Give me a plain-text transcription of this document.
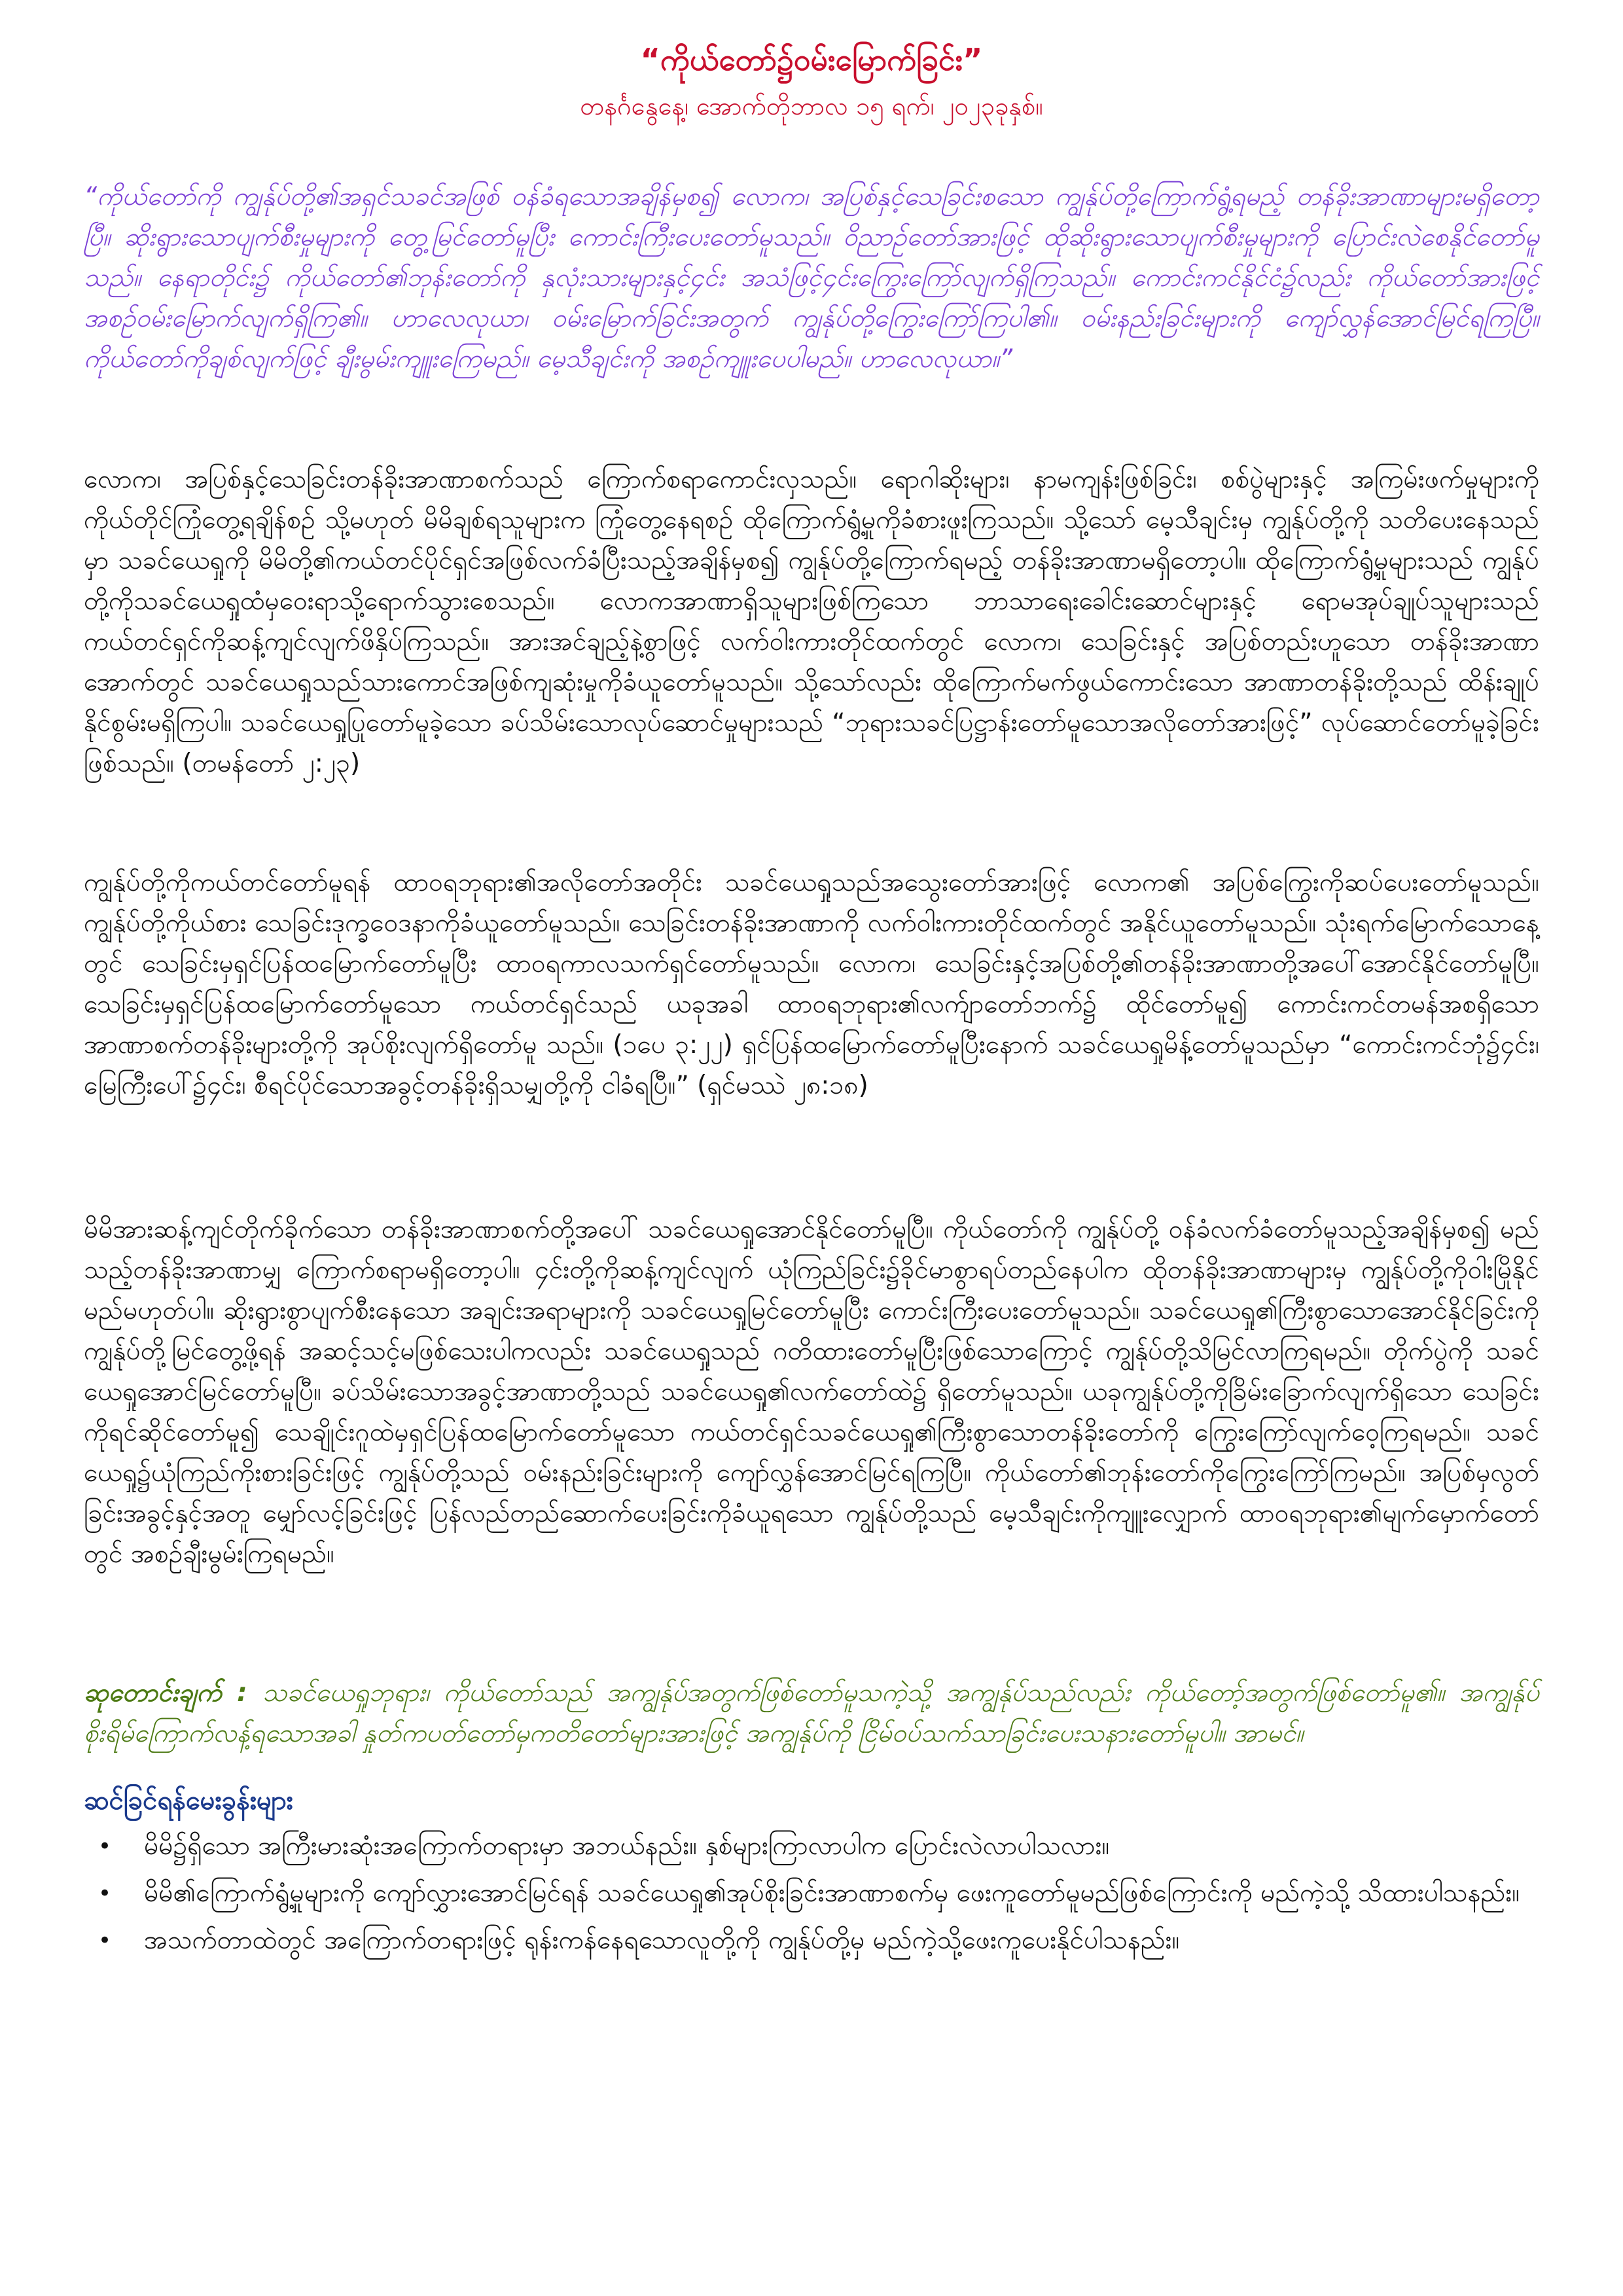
“ကိုယ်တော်၌ဝမ်းမြောက်ခြင်း”
တနင်္ဂနွေနေ့၊ အောက်တိုဘာလ ၁၅ ရက်၊ ၂၀၂၃ခုနှစ်။
“ကိုယ်တော်ကို ကျွန်ုပ်တို့၏အရှင်သခင်အဖြစ် ဝန်ခံရသောအချိန်မှစ၍ လောက၊ အပြစ်နှင့်သေခြင်းစသော ကျွန်ုပ်တို့ကြောက်ရွံ့ရမည့် တန်ခိုးအာဏာများမရှိတော့ပြီ။ ဆိုးရွားသောပျက်စီးမှုများကို တွေ့မြင်တော်မူပြီး ကောင်းကြီးပေးတော်မူသည်။ ဝိညာဉ်တော်အားဖြင့် ထိုဆိုးရွားသောပျက်စီးမှုများကို ပြောင်းလဲစေနိုင်တော်မူသည်။ နေရာတိုင်း၌ ကိုယ်တော်၏ဘုန်းတော်ကို နှလုံးသားများနှင့်၄င်း အသံဖြင့်၄င်းကြွေးကြော်လျက်ရှိကြသည်။ ကောင်းကင်နိုင်ငံ၌လည်း ကိုယ်တော်အားဖြင့် အစဉ်ဝမ်းမြောက်လျက်ရှိကြ၏။ ဟာလေလုယာ၊ ဝမ်းမြောက်ခြင်းအတွက် ကျွန်ုပ်တို့ကြွေးကြော်ကြပါ၏။ ဝမ်းနည်းခြင်းများကို ကျော်လွှန်အောင်မြင်ရကြပြီ။ ကိုယ်တော်ကိုချစ်လျက်ဖြင့် ချီးမွမ်းကျူးကြေမည်။ မေ့သီချင်းကို အစဉ်ကျူးပေပါမည်။ ဟာလေလုယာ။”
လောက၊ အပြစ်နှင့်သေခြင်းတန်ခိုးအာဏာစက်သည် ကြောက်စရာကောင်းလှသည်။ ရောဂါဆိုးများ၊ နာမကျန်းဖြစ်ခြင်း၊ စစ်ပွဲများနှင့် အကြမ်းဖက်မှုများကို ကိုယ်တိုင်ကြုံတွေ့ရချိန်စဉ် သို့မဟုတ် မိမိချစ်ရသူများက ကြုံတွေ့နေရစဉ် ထိုကြောက်ရွံ့မှုကိုခံစားဖူးကြသည်။ သို့သော် မေ့သီချင်းမှ ကျွန်ုပ်တို့ကို သတိပေးနေသည်မှာ သခင်ယေရှုကို မိမိတို့၏ကယ်တင်ပိုင်ရှင်အဖြစ်လက်ခံပြီးသည့်အချိန်မှစ၍ ကျွန်ုပ်တို့ကြောက်ရမည့် တန်ခိုးအာဏာမရှိတော့ပါ။ ထိုကြောက်ရွံ့မှုများသည် ကျွန်ုပ်တို့ကိုသခင်ယေရှုထံမှဝေးရာသို့ရောက်သွားစေသည်။ လောကအာဏာရှိသူများဖြစ်ကြသော ဘာသာရေးခေါင်းဆောင်များနှင့် ရောမအုပ်ချုပ်သူများသည် ကယ်တင်ရှင်ကိုဆန့်ကျင်လျက်ဖိနှိပ်ကြသည်။ အားအင်ချည့်နဲ့စွာဖြင့် လက်ဝါးကားတိုင်ထက်တွင် လောက၊ သေခြင်းနှင့် အပြစ်တည်းဟူသော တန်ခိုးအာဏာအောက်တွင် သခင်ယေရှုသည်သားကောင်အဖြစ်ကျဆုံးမှုကိုခံယူတော်မူသည်။ သို့သော်လည်း ထိုကြောက်မက်ဖွယ်ကောင်းသော အာဏာတန်ခိုးတို့သည် ထိန်းချုပ်နိုင်စွမ်းမရှိကြပါ။ သခင်ယေရှုပြုတော်မူခဲ့သော ခပ်သိမ်းသောလုပ်ဆောင်မှုများသည် “ဘုရားသခင်ပြဋ္ဌာန်းတော်မူသောအလိုတော်အားဖြင့်” လုပ်ဆောင်တော်မူခဲ့ခြင်းဖြစ်သည်။ (တမန်တော် ၂:၂၃)
ကျွန်ုပ်တို့ကိုကယ်တင်တော်မူရန် ထာဝရဘုရား၏အလိုတော်အတိုင်း သခင်ယေရှုသည်အသွေးတော်အားဖြင့် လောက၏ အပြစ်ကြွေးကိုဆပ်ပေးတော်မူသည်။ ကျွန်ုပ်တို့ကိုယ်စား သေခြင်းဒုက္ခဝေဒနာကိုခံယူတော်မူသည်။ သေခြင်းတန်ခိုးအာဏာကို လက်ဝါးကားတိုင်ထက်တွင် အနိုင်ယူတော်မူသည်။ သုံးရက်မြောက်သောနေ့တွင် သေခြင်းမှရှင်ပြန်ထမြောက်တော်မူပြီး ထာဝရကာလသက်ရှင်တော်မူသည်။ လောက၊ သေခြင်းနှင့်အပြစ်တို့၏တန်ခိုးအာဏာတို့အပေါ်အောင်နိုင်တော်မူပြီ။ သေခြင်းမှရှင်ပြန်ထမြောက်တော်မူသော ကယ်တင်ရှင်သည် ယခုအခါ ထာဝရဘုရား၏လက်ျာတော်ဘက်၌ ထိုင်တော်မူ၍ ကောင်းကင်တမန်အစရှိသော အာဏာစက်တန်ခိုးများတို့ကို အုပ်စိုးလျက်ရှိတော်မူ သည်။ (၁ပေ ၃:၂၂) ရှင်ပြန်ထမြောက်တော်မူပြီးနောက် သခင်ယေရှုမိန့်တော်မူသည်မှာ “ကောင်းကင်ဘုံ၌၄င်း၊ မြေကြီးပေါ်၌၄င်း၊ စီရင်ပိုင်သောအခွင့်တန်ခိုးရှိသမျှတို့ကို ငါခံရပြီ။” (ရှင်မဿဲ ၂၈:၁၈)
မိမိအားဆန့်ကျင်တိုက်ခိုက်သော တန်ခိုးအာဏာစက်တို့အပေါ် သခင်ယေရှုအောင်နိုင်တော်မူပြီ။ ကိုယ်တော်ကို ကျွန်ုပ်တို့ ဝန်ခံလက်ခံတော်မူသည့်အချိန်မှစ၍ မည်သည့်တန်ခိုးအာဏာမျှ ကြောက်စရာမရှိတော့ပါ။ ၄င်းတို့ကိုဆန့်ကျင်လျက် ယုံကြည်ခြင်း၌ခိုင်မာစွာရပ်တည်နေပါက ထိုတန်ခိုးအာဏာများမှ ကျွန်ုပ်တို့ကိုဝါးမြိုနိုင်မည်မဟုတ်ပါ။ ဆိုးရွားစွာပျက်စီးနေသော အချင်းအရာများကို သခင်ယေရှုမြင်တော်မူပြီး ကောင်းကြီးပေးတော်မူသည်။ သခင်ယေရှု၏ကြီးစွာသောအောင်နိုင်ခြင်းကို ကျွန်ုပ်တို့မြင်တွေ့ဖို့ရန် အဆင့်သင့်မဖြစ်သေးပါကလည်း သခင်ယေရှုသည် ဂတိထားတော်မူပြီးဖြစ်သောကြောင့် ကျွန်ုပ်တို့သိမြင်လာကြရမည်။ တိုက်ပွဲကို သခင်ယေရှုအောင်မြင်တော်မူပြီ။ ခပ်သိမ်းသောအခွင့်အာဏာတို့သည် သခင်ယေရှု၏လက်တော်ထဲ၌ ရှိတော်မူသည်။ ယခုကျွန်ုပ်တို့ကိုခြိမ်းခြောက်လျက်ရှိသော သေခြင်းကိုရင်ဆိုင်တော်မူ၍ သေချိုင်းဂူထဲမှရှင်ပြန်ထမြောက်တော်မူသော ကယ်တင်ရှင်သခင်ယေရှု၏ကြီးစွာသောတန်ခိုးတော်ကို ကြွေးကြော်လျက်ဝေ့ကြရမည်။ သခင်ယေရှု၌ယုံကြည်ကိုးစားခြင်းဖြင့် ကျွန်ုပ်တို့သည် ဝမ်းနည်းခြင်းများကို ကျော်လွှန်အောင်မြင်ရကြပြီ။ ကိုယ်တော်၏ဘုန်းတော်ကိုကြွေးကြော်ကြမည်။ အပြစ်မှလွတ်ခြင်းအခွင့်နှင့်အတူ မျှော်လင့်ခြင်းဖြင့် ပြန်လည်တည်ဆောက်ပေးခြင်းကိုခံယူရသော ကျွန်ုပ်တို့သည် မေ့သီချင်းကိုကျူးလျှောက် ထာဝရဘုရား၏မျက်မှောက်တော်တွင် အစဉ်ချီးမွမ်းကြရမည်။
ဆုတောင်းချက် : သခင်ယေရှုဘုရား၊ ကိုယ်တော်သည် အကျွန်ုပ်အတွက်ဖြစ်တော်မူသကဲ့သို့ အကျွန်ုပ်သည်လည်း ကိုယ်တော့်အတွက်ဖြစ်တော်မူ၏။ အကျွန်ုပ်စိုးရိမ်ကြောက်လန့်ရသောအခါ နှုတ်ကပတ်တော်မှကတိတော်များအားဖြင့် အကျွန်ုပ်ကို ငြိမ်ဝပ်သက်သာခြင်းပေးသနားတော်မူပါ။ အာမင်။
ဆင်ခြင်ရန်မေးခွန်းများ
• မိမိ၌ရှိသော အကြီးမားဆုံးအကြောက်တရားမှာ အဘယ်နည်း။ နှစ်များကြာလာပါက ပြောင်းလဲလာပါသလား။
• မိမိ၏ကြောက်ရွံ့မှုများကို ကျော်လွှားအောင်မြင်ရန် သခင်ယေရှု၏အုပ်စိုးခြင်းအာဏာစက်မှ ဖေးကူတော်မူမည်ဖြစ်ကြောင်းကို မည်ကဲ့သို့ သိထားပါသနည်း။
• အသက်တာထဲတွင် အကြောက်တရားဖြင့် ရုန်းကန်နေရသောလူတို့ကို ကျွန်ုပ်တို့မှ မည်ကဲ့သို့ဖေးကူပေးနိုင်ပါသနည်း။
